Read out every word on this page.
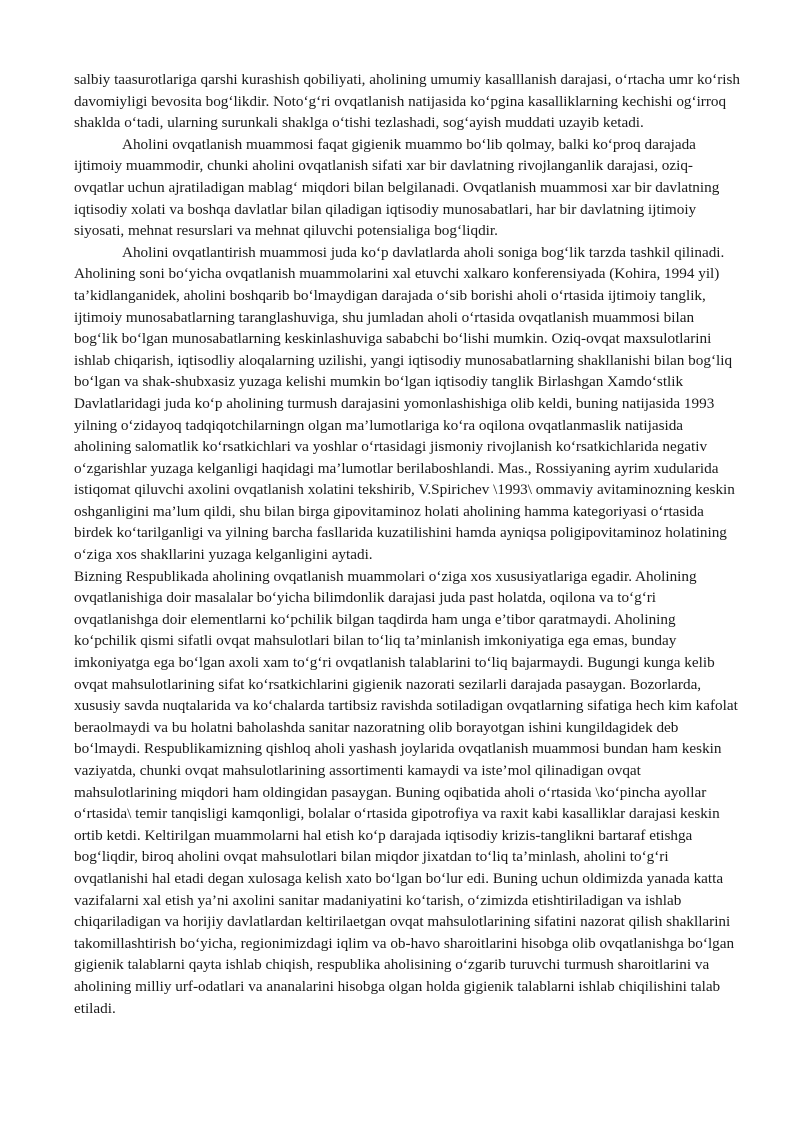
salbiy taasurotlariga qarshi kurashish qobiliyati, aholining umumiy kasalllanish darajasi, o‘rtacha umr ko‘rish davomiyligi bevosita bog‘likdir. Noto‘g‘ri ovqatlanish natijasida ko‘pgina kasalliklarning kechishi og‘irroq shaklda o‘tadi, ularning surunkali shaklga o‘tishi tezlashadi, sog‘ayish muddati uzayib ketadi.

Aholini ovqatlanish muammosi faqat gigienik muammo bo‘lib qolmay, balki ko‘proq darajada ijtimoiy muammodir, chunki aholini ovqatlanish sifati xar bir davlatning rivojlanganlik darajasi, oziq-ovqatlar uchun ajratiladigan mablag‘ miqdori bilan belgilanadi. Ovqatlanish muammosi xar bir davlatning iqtisodiy xolati va boshqa davlatlar bilan qiladigan iqtisodiy munosabatlari, har bir davlatning ijtimoiy siyosati, mehnat resurslari va mehnat qiluvchi potensialiga bog‘liqdir.

Aholini ovqatlantirish muammosi juda ko‘p davlatlarda aholi soniga bog‘lik tarzda tashkil qilinadi. Aholining soni bo‘yicha ovqatlanish muammolarini xal etuvchi xalkaro konferensiyada (Kohira, 1994 yil) ta’kidlanganidek, aholini boshqarib bo‘lmaydigan darajada o‘sib borishi aholi o‘rtasida ijtimoiy tanglik, ijtimoiy munosabatlarning taranglashuviga, shu jumladan aholi o‘rtasida ovqatlanish muammosi bilan bog‘lik bo‘lgan munosabatlarning keskinlashuviga sababchi bo‘lishi mumkin. Oziq-ovqat maxsulotlarini ishlab chiqarish, iqtisodliy aloqalarning uzilishi, yangi iqtisodiy munosabatlarning shakllanishi bilan bog‘liq bo‘lgan va shak-shubxasiz yuzaga kelishi mumkin bo‘lgan iqtisodiy tanglik Birlashgan Xamdo‘stlik Davlatlaridagi juda ko‘p aholining turmush darajasini yomonlashishiga olib keldi, buning natijasida 1993 yilning o‘zidayoq tadqiqotchilarningn olgan ma’lumotlariga ko‘ra oqilona ovqatlanmaslik natijasida aholining salomatlik ko‘rsatkichlari va yoshlar o‘rtasidagi jismoniy rivojlanish ko‘rsatkichlarida negativ o‘zgarishlar yuzaga kelganligi haqidagi ma’lumotlar berilaboshlandi. Mas., Rossiyaning ayrim xudularida istiqomat qiluvchi axolini ovqatlanish xolatini tekshirib, V.Spirichev \1993\ ommaviy avitaminozning keskin oshganligini ma’lum qildi, shu bilan birga gipovitaminoz holati aholining hamma kategoriyasi o‘rtasida birdek ko‘tarilganligi va yilning barcha fasllarida kuzatilishini hamda ayniqsa poligipovitaminoz holatining o‘ziga xos shakllarini yuzaga kelganligini aytadi.

Bizning Respublikada aholining ovqatlanish muammolari o‘ziga xos xususiyatlariga egadir. Aholining ovqatlanishiga doir masalalar bo‘yicha bilimdonlik darajasi juda past holatda, oqilona va to‘g‘ri ovqatlanishga doir elementlarni ko‘pchilik bilgan taqdirda ham unga e’tibor qaratmaydi. Aholining ko‘pchilik qismi sifatli ovqat mahsulotlari bilan to‘liq ta’minlanish imkoniyatiga ega emas, bunday imkoniyatga ega bo‘lgan axoli xam to‘g‘ri ovqatlanish talablarini to‘liq bajarmaydi. Bugungi kunga kelib ovqat mahsulotlarining sifat ko‘rsatkichlarini gigienik nazorati sezilarli darajada pasaygan. Bozorlarda, xususiy savda nuqtalarida va ko‘chalarda tartibsiz ravishda sotiladigan ovqatlarning sifatiga hech kim kafolat beraolmaydi va bu holatni baholashda sanitar nazoratning olib borayotgan ishini kungildagidek deb bo‘lmaydi. Respublikamizning qishloq aholi yashash joylarida ovqatlanish muammosi bundan ham keskin vaziyatda, chunki ovqat mahsulotlarining assortimenti kamaydi va iste’mol qilinadigan ovqat mahsulotlarining miqdori ham oldingidan pasaygan. Buning oqibatida aholi o‘rtasida \ko‘pincha ayollar o‘rtasida\ temir tanqisligi kamqonligi, bolalar o‘rtasida gipotrofiya va raxit kabi kasalliklar darajasi keskin ortib ketdi. Keltirilgan muammolarni hal etish ko‘p darajada iqtisodiy krizis-tanglikni bartaraf etishga bog‘liqdir, biroq aholini ovqat mahsulotlari bilan miqdor jixatdan to‘liq ta’minlash, aholini to‘g‘ri ovqatlanishi hal etadi degan xulosaga kelish xato bo‘lgan bo‘lur edi. Buning uchun oldimizda yanada katta vazifalarni xal etish ya’ni axolini sanitar madaniyatini ko‘tarish, o‘zimizda etishtiriladigan va ishlab chiqariladigan va horijiy davlatlardan keltirilaetgan ovqat mahsulotlarining sifatini nazorat qilish shakllarini takomillashtirish bo‘yicha, regionimizdagi iqlim va ob-havo sharoitlarini hisobga olib ovqatlanishga bo‘lgan gigienik talablarni qayta ishlab chiqish, respublika aholisining o‘zgarib turuvchi turmush sharoitlarini va aholining milliy urf-odatlari va ananalarini hisobga olgan holda gigienik talablarni ishlab chiqilishini talab etiladi.
